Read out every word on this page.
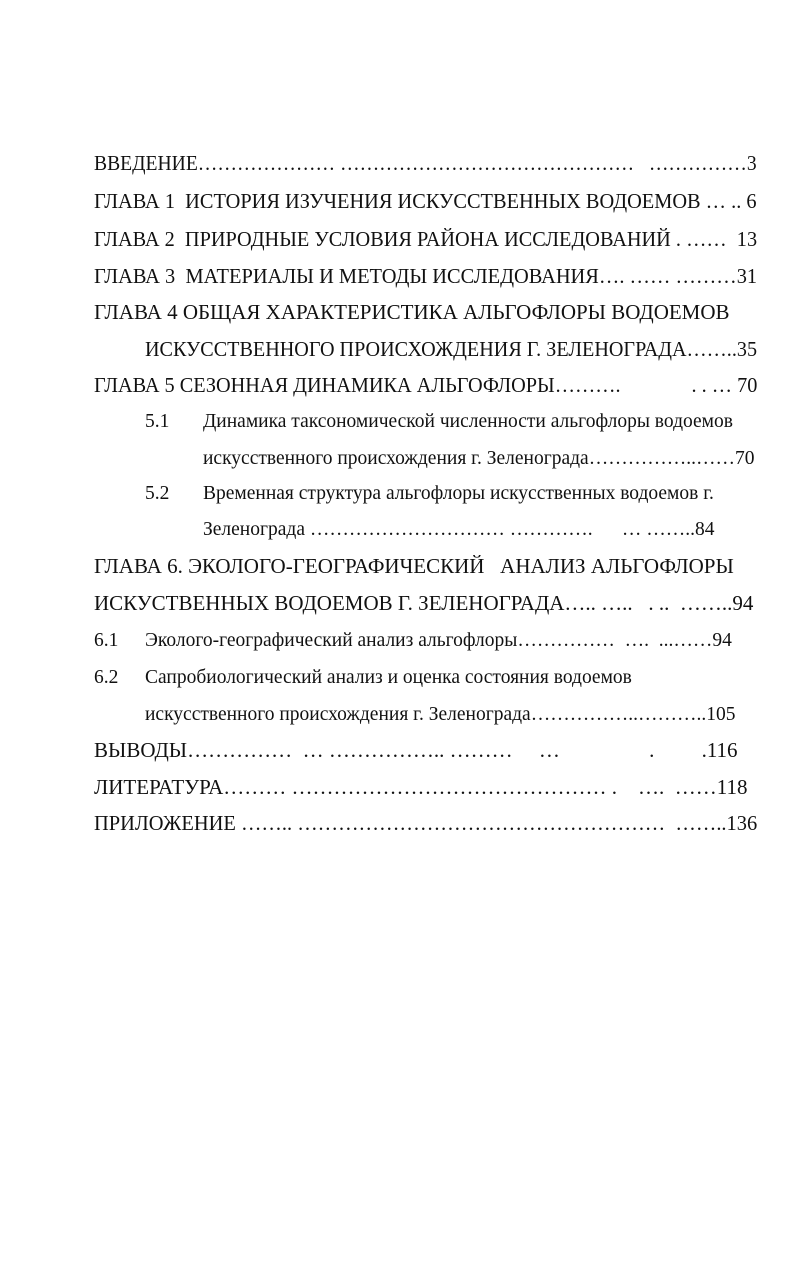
ВВЕДЕНИЕ………………… ………………………………………   ……………3
ГЛАВА 1  ИСТОРИЯ ИЗУЧЕНИЯ ИСКУССТВЕННЫХ ВОДОЕМОВ … .. 6
ГЛАВА 2  ПРИРОДНЫЕ УСЛОВИЯ РАЙОНА ИССЛЕДОВАНИЙ . ……  13
ГЛАВА 3  МАТЕРИАЛЫ И МЕТОДЫ ИССЛЕДОВАНИЯ…. …… ………31
ГЛАВА 4 ОБЩАЯ ХАРАКТЕРИСТИКА АЛЬГОФЛОРЫ ВОДОЕМОВ
ИСКУССТВЕННОГО ПРОИСХОЖДЕНИЯ Г. ЗЕЛЕНОГРАДА……..35
ГЛАВА 5 СЕЗОННАЯ ДИНАМИКА АЛЬГОФЛОРЫ……….              . . … 70
5.1 Динамика таксономической численности альгофлоры водоемов
искусственного происхождения г. Зеленограда……………..……70
5.2 Временная структура альгофлоры искусственных водоемов г.
Зеленограда ………………………… ………….      … ……..84
ГЛАВА 6. ЭКОЛОГО-ГЕОГРАФИЧЕСКИЙ   АНАЛИЗ АЛЬГОФЛОРЫ
ИСКУСТВЕННЫХ ВОДОЕМОВ Г. ЗЕЛЕНОГРАДА….. …..   . ..  ……..94
6.1 Эколого-географический анализ альгофлоры……………  ….  ...……94
6.2 Сапробиологический анализ и оценка состояния водоемов
искусственного происхождения г. Зеленограда……………..………..105
ВЫВОДЫ……………  … …………….. ………     …                 .         .116
ЛИТЕРАТУРА……… ……………………………………… .    ….  ……118
ПРИЛОЖЕНИЕ …….. ………………………………………………  ……..136
